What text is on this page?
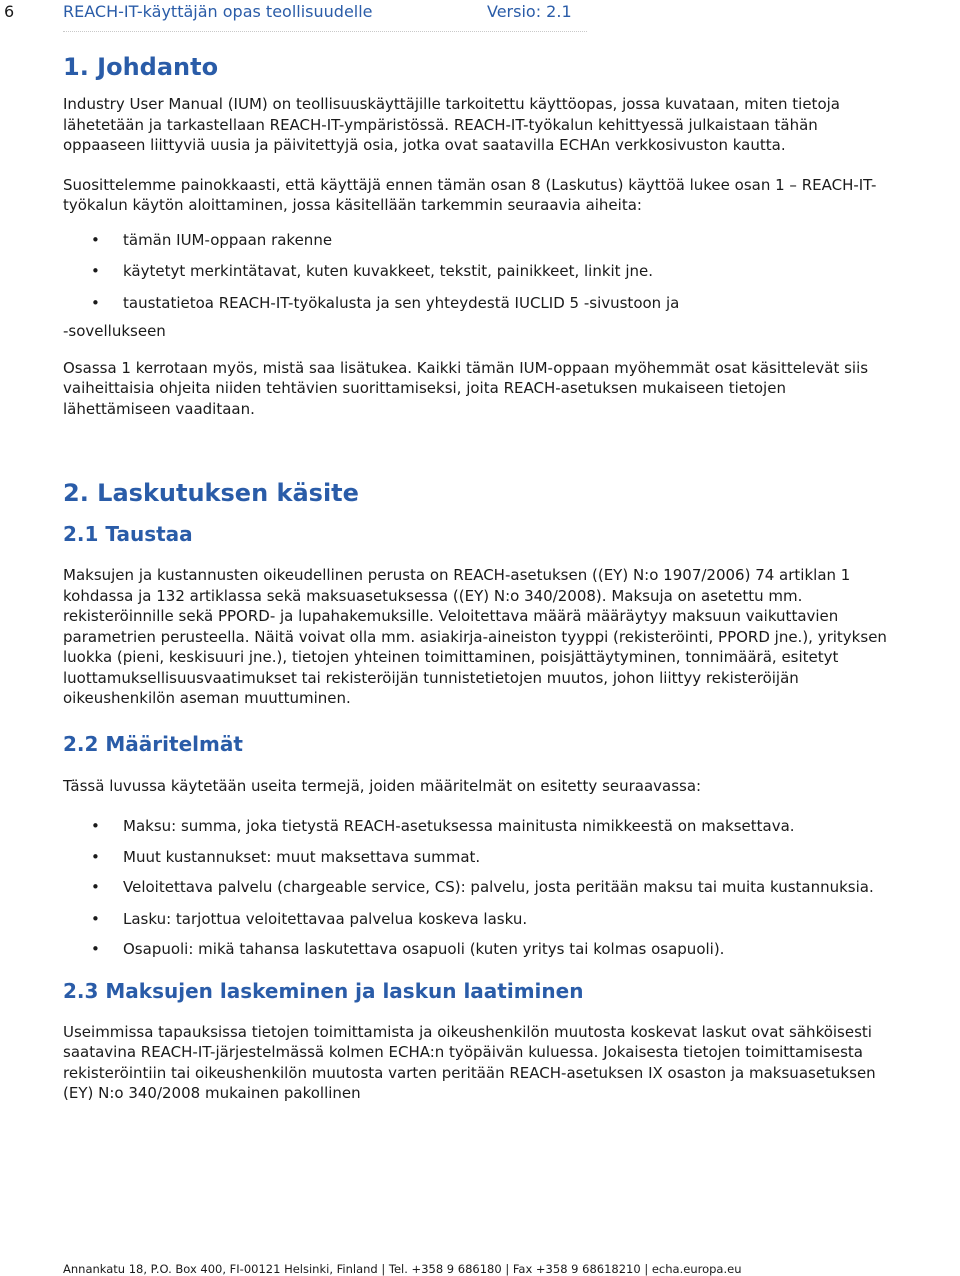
6	REACH-IT-käyttäjän opas teollisuudelle	Versio: 2.1
1. Johdanto

Industry User Manual (IUM) on teollisuuskäyttäjille tarkoitettu käyttöopas, jossa kuvataan, miten tietoja lähetetään ja tarkastellaan REACH-IT-ympäristössä. REACH-IT-työkalun kehittyessä julkaistaan tähän oppaaseen liittyviä uusia ja päivitettyjä osia, jotka ovat saatavilla ECHAn verkkosivuston kautta.

Suosittelemme painokkaasti, että käyttäjä ennen tämän osan 8 (Laskutus) käyttöä lukee osan 1 – REACH-IT-työkalun käytön aloittaminen, jossa käsitellään tarkemmin seuraavia aiheita:

• tämän IUM-oppaan rakenne
• käytetyt merkintätavat, kuten kuvakkeet, tekstit, painikkeet, linkit jne.
• taustatietoa REACH-IT-työkalusta ja sen yhteydestä IUCLID 5 -sivustoon ja

-sovellukseen

Osassa 1 kerrotaan myös, mistä saa lisätukea. Kaikki tämän IUM-oppaan myöhemmät osat käsittelevät siis vaiheittaisia ohjeita niiden tehtävien suorittamiseksi, joita REACH-asetuksen mukaiseen tietojen lähettämiseen vaaditaan.

2. Laskutuksen käsite
2.1 Taustaa

Maksujen ja kustannusten oikeudellinen perusta on REACH-asetuksen ((EY) N:o 1907/2006) 74 artiklan 1 kohdassa ja 132 artiklassa sekä maksuasetuksessa ((EY) N:o 340/2008). Maksuja on asetettu mm. rekisteröinnille sekä PPORD- ja lupahakemuksille. Veloitettava määrä määräytyy maksuun vaikuttavien parametrien perusteella. Näitä voivat olla mm. asiakirja-aineiston tyyppi (rekisteröinti, PPORD jne.), yrityksen luokka (pieni, keskisuuri jne.), tietojen yhteinen toimittaminen, poisjättäytyminen, tonnimäärä, esitetyt luottamuksellisuusvaatimukset tai rekisteröijän tunnistetietojen muutos, johon liittyy rekisteröijän oikeushenkilön aseman muuttuminen.

2.2 Määritelmät

Tässä luvussa käytetään useita termejä, joiden määritelmät on esitetty seuraavassa:

• Maksu: summa, joka tietystä REACH-asetuksessa mainitusta nimikkeestä on maksettava.
• Muut kustannukset: muut maksettava summat.
• Veloitettava palvelu (chargeable service, CS): palvelu, josta peritään maksu tai muita kustannuksia.
• Lasku: tarjottua veloitettavaa palvelua koskeva lasku.
• Osapuoli: mikä tahansa laskutettava osapuoli (kuten yritys tai kolmas osapuoli).
2.3 Maksujen laskeminen ja laskun laatiminen

Useimmissa tapauksissa tietojen toimittamista ja oikeushenkilön muutosta koskevat laskut ovat sähköisesti saatavina REACH-IT-järjestelmässä kolmen ECHA:n työpäivän kuluessa. Jokaisesta tietojen toimittamisesta rekisteröintiin tai oikeushenkilön muutosta varten peritään REACH-asetuksen IX osaston ja maksuasetuksen (EY) N:o 340/2008 mukainen pakollinen

Annankatu 18, P.O. Box 400, FI-00121 Helsinki, Finland | Tel. +358 9 686180 | Fax +358 9 68618210 | echa.europa.eu
